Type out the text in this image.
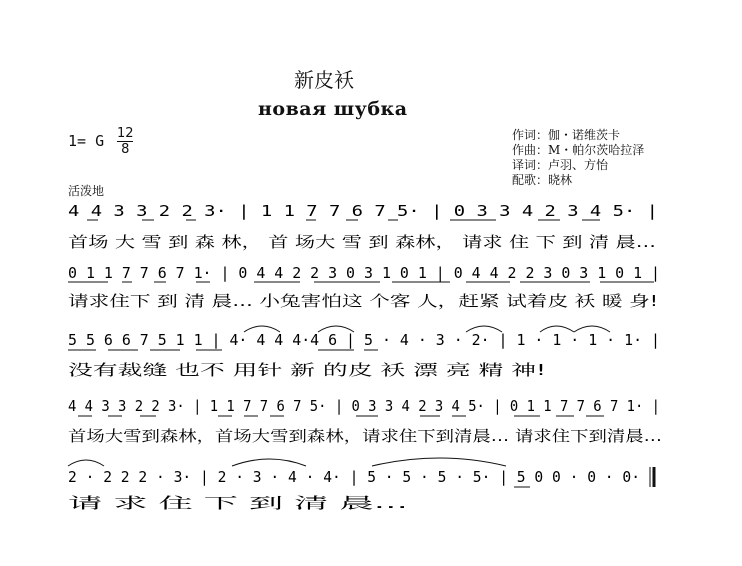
新皮袄
новая шубка
1= G 12
8
作词：伽・诺维茨卡
作曲：M・帕尔茨哈拉泽
译词：卢羽、方怡
配歌：晓林
活泼地
4 4 3 3 2 2 3· | 1 1 7 7 6 7 5· | 0 3 3 4 2 3 4 5· |
首场 大 雪 到 森 林， 首 场大 雪 到 森林， 请求 住 下 到 清 晨…
0 1 1 7 7 6 7 1· | 0 4 4 2 2 3 0 3 1 0 1 | 0 4 4 2 2 3 0 3 1 0 1 |
请求住下 到 清 晨… 小兔害怕这 个客 人，赶紧 试着皮 袄 暖 身!
5 5 6 6 7 5 1 1 | 4· 4 4 4·4 6 | 5 · 4 · 3 · 2· | 1 · 1 · 1 · 1· |
没有裁缝 也不 用针 新 的皮 袄 漂 亮 精 神!
4 4 3 3 2 2 3· | 1 1 7 7 6 7 5· | 0 3 3 4 2 3 4 5· | 0 1 1 7 7 6 7 1· |
首场大雪到森林，首场大雪到森林，请求住下到清晨… 请求住下到清晨…
2 · 2 2 2 · 3· | 2 · 3 · 4 · 4· | 5 · 5 · 5 · 5· | 5 0 0 · 0 · 0·
请 求 住 下 到 清 晨…
